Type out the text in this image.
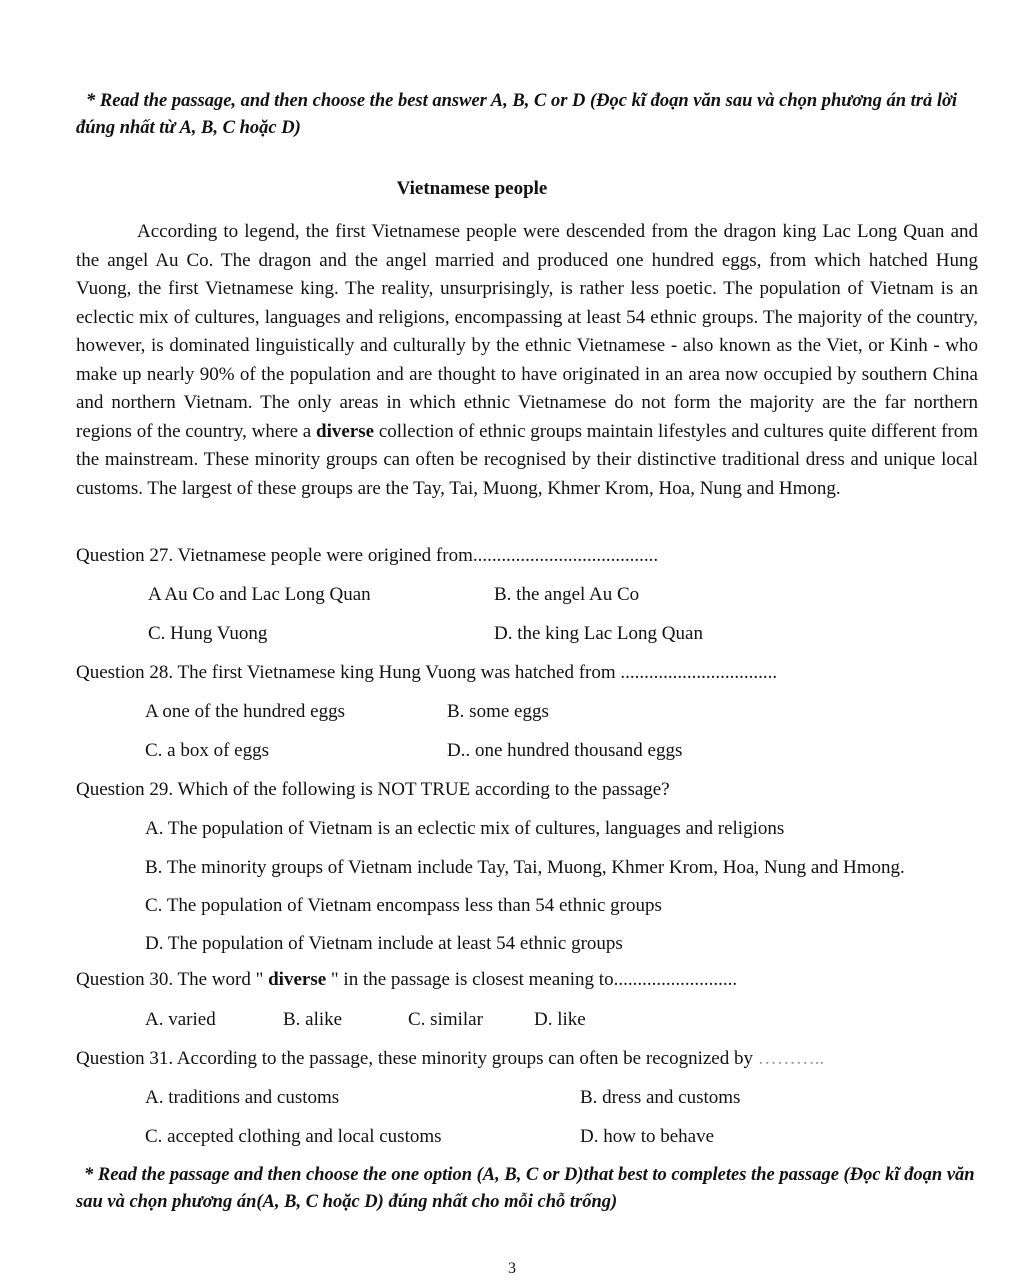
* Read the passage, and then choose the best answer A, B, C or D (Đọc kĩ đoạn văn sau và chọn phương án trả lời đúng nhất từ A, B, C hoặc D)
Vietnamese people

According to legend, the first Vietnamese people were descended from the dragon king Lac Long Quan and the angel Au Co. The dragon and the angel married and produced one hundred eggs, from which hatched Hung Vuong, the first Vietnamese king. The reality, unsurprisingly, is rather less poetic. The population of Vietnam is an eclectic mix of cultures, languages and religions, encompassing at least 54 ethnic groups. The majority of the country, however, is dominated linguistically and culturally by the ethnic Vietnamese - also known as the Viet, or Kinh - who make up nearly 90% of the population and are thought to have originated in an area now occupied by southern China and northern Vietnam. The only areas in which ethnic Vietnamese do not form the majority are the far northern regions of the country, where a diverse collection of ethnic groups maintain lifestyles and cultures quite different from the mainstream. These minority groups can often be recognised by their distinctive traditional dress and unique local customs. The largest of these groups are the Tay, Tai, Muong, Khmer Krom, Hoa, Nung and Hmong.

Question 27. Vietnamese people were origined from.......................................
A Au Co and Lac Long Quan	B. the angel Au Co
C. Hung Vuong	D. the king Lac Long Quan
Question 28. The first Vietnamese king Hung Vuong was hatched from .................................
A one of the hundred eggs	B. some eggs
C. a box of eggs	D.. one hundred thousand eggs
Question 29. Which of the following is NOT TRUE according to the passage?
A. The population of Vietnam is an eclectic mix of cultures, languages and religions
B. The minority groups of Vietnam include Tay, Tai, Muong, Khmer Krom, Hoa, Nung and Hmong.
C. The population of Vietnam encompass less than 54 ethnic groups
D. The population of Vietnam include at least 54 ethnic groups
Question 30. The word " diverse " in the passage is closest meaning to..........................
A. varied	B. alike	C. similar	D. like
Question 31. According to the passage, these minority groups can often be recognized by ………..
A. traditions and customs	B. dress and customs
C. accepted clothing and local customs	D. how to behave
* Read the passage and then choose the one option (A, B, C or D)that best to completes the passage (Đọc kĩ đoạn văn sau và chọn phương án(A, B, C hoặc D) đúng nhất cho mỗi chỗ trống)
3
